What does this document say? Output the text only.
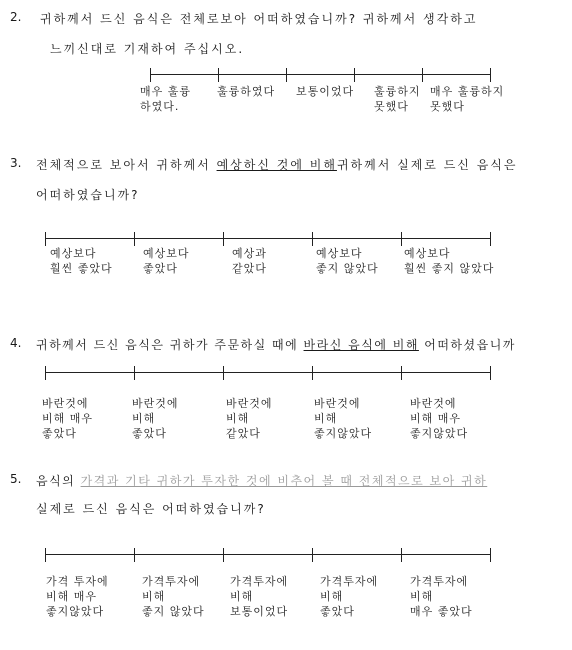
2. 귀하께서 드신 음식은 전체로보아 어떠하였습니까? 귀하께서 생각하고
느끼신대로 기재하여 주십시오.
매우 훌륭
하였다.
훌륭하였다 보통이었다 훌륭하지
못했다
매우 훌륭하지
못했다
3. 전체적으로 보아서 귀하께서 예상하신 것에 비해귀하께서 실제로 드신 음식은
어떠하였습니까?
예상보다
훨씬 좋았다
예상보다
좋았다
예상과
같았다
예상보다
좋지 않았다
예상보다
훨씬 좋지 않았다
4. 귀하께서 드신 음식은 귀하가 주문하실 때에 바라신 음식에 비해 어떠하셨읍니까
바란것에
비해 매우
좋았다
바란것에
비해
좋았다
바란것에
비해
같았다
바란것에
비해
좋지않았다
바란것에
비해 매우
좋지않았다
5. 음식의 가격과 기타 귀하가 투자한 것에 비추어 볼 때 전체적으로 보아 귀하
실제로 드신 음식은 어떠하였습니까?
가격 투자에
비해 매우
좋지않았다
가격투자에
비해
좋지 않았다
가격투자에
비해
보통이었다
가격투자에
비해
좋았다
가격투자에
비해
매우 좋았다
